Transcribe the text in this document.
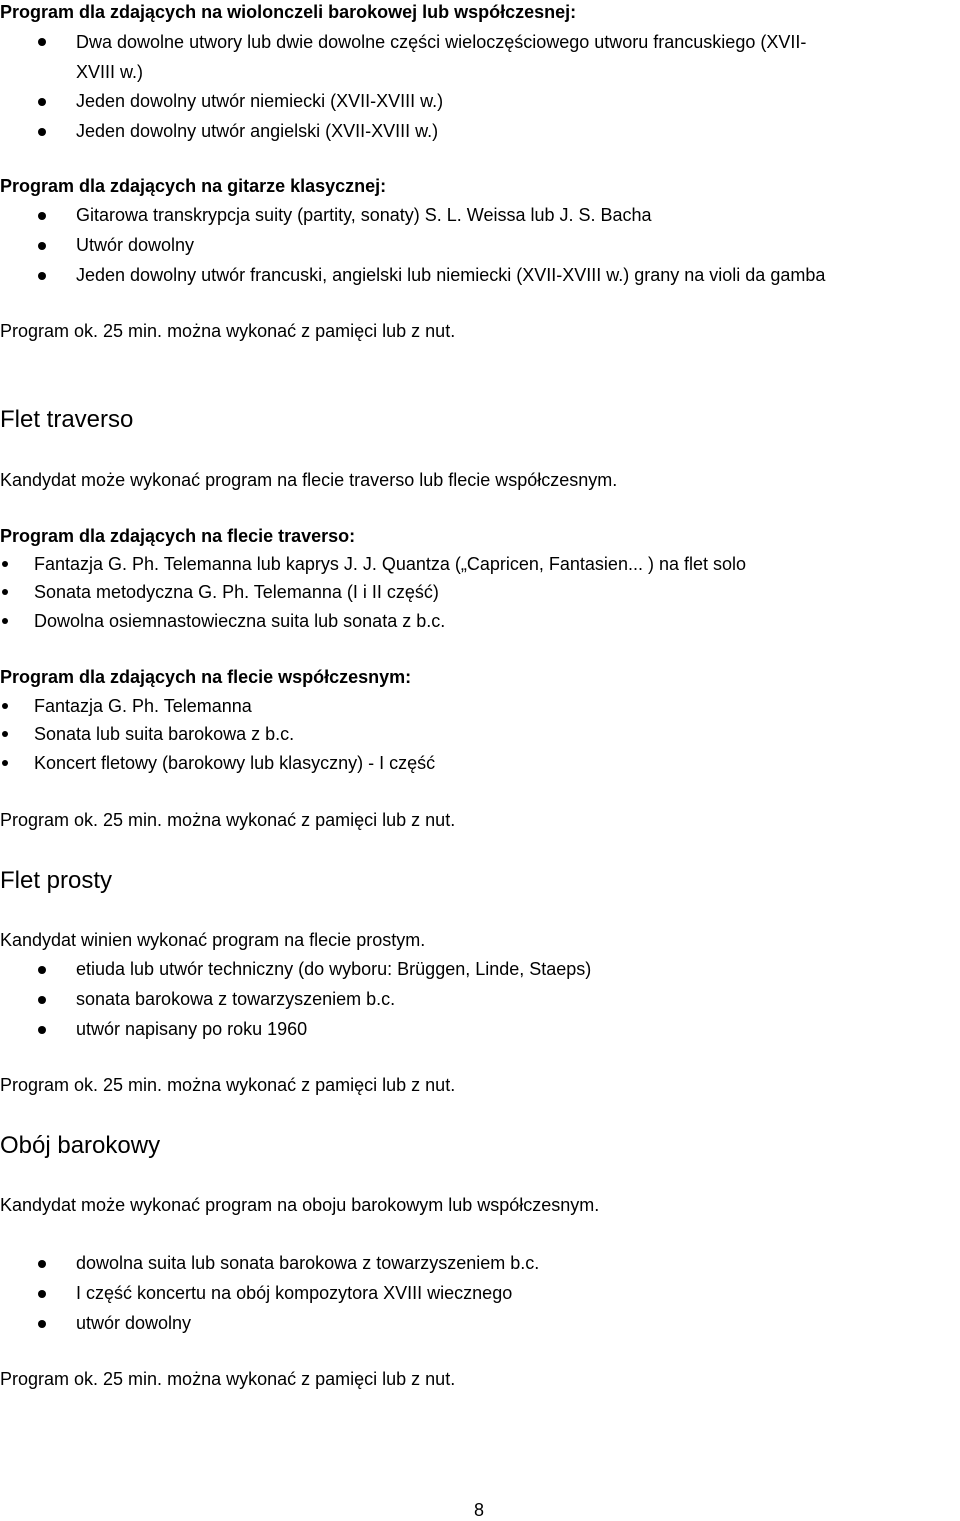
Program dla zdających na wiolonczeli barokowej lub współczesnej:

Dwa dowolne utwory lub dwie dowolne części wieloczęściowego utworu francuskiego (XVII-

XVIII w.)

Jeden dowolny utwór niemiecki (XVII-XVIII w.)

Jeden dowolny utwór angielski (XVII-XVIII w.)

Program dla zdających na gitarze klasycznej:

Gitarowa transkrypcja suity (partity, sonaty) S. L. Weissa lub J. S. Bacha

Utwór dowolny

Jeden dowolny utwór francuski, angielski lub niemiecki (XVII-XVIII w.) grany na violi da gamba

Program ok. 25 min. można wykonać z pamięci lub z nut.

Flet traverso

Kandydat może wykonać program na flecie traverso lub flecie współczesnym.

Program dla zdających na flecie traverso:

Fantazja G. Ph. Telemanna lub kaprys J. J. Quantza („Capricen, Fantasien... ) na flet solo

Sonata metodyczna G. Ph. Telemanna (I i II część)

Dowolna osiemnastowieczna suita lub sonata z b.c.

Program dla zdających na flecie współczesnym:

Fantazja G. Ph. Telemanna

Sonata lub suita barokowa z b.c.

Koncert fletowy (barokowy lub klasyczny) - I część

Program ok. 25 min. można wykonać z pamięci lub z nut.

Flet prosty

Kandydat winien wykonać program na flecie prostym.

etiuda lub utwór techniczny (do wyboru: Brüggen, Linde, Staeps)

sonata barokowa z towarzyszeniem b.c.

utwór napisany po roku 1960

Program ok. 25 min. można wykonać z pamięci lub z nut.

Obój barokowy

Kandydat może wykonać program na oboju barokowym lub współczesnym.

dowolna suita lub sonata barokowa z towarzyszeniem b.c.

I część koncertu na obój kompozytora XVIII wiecznego

utwór dowolny

Program ok. 25 min. można wykonać z pamięci lub z nut.

8
